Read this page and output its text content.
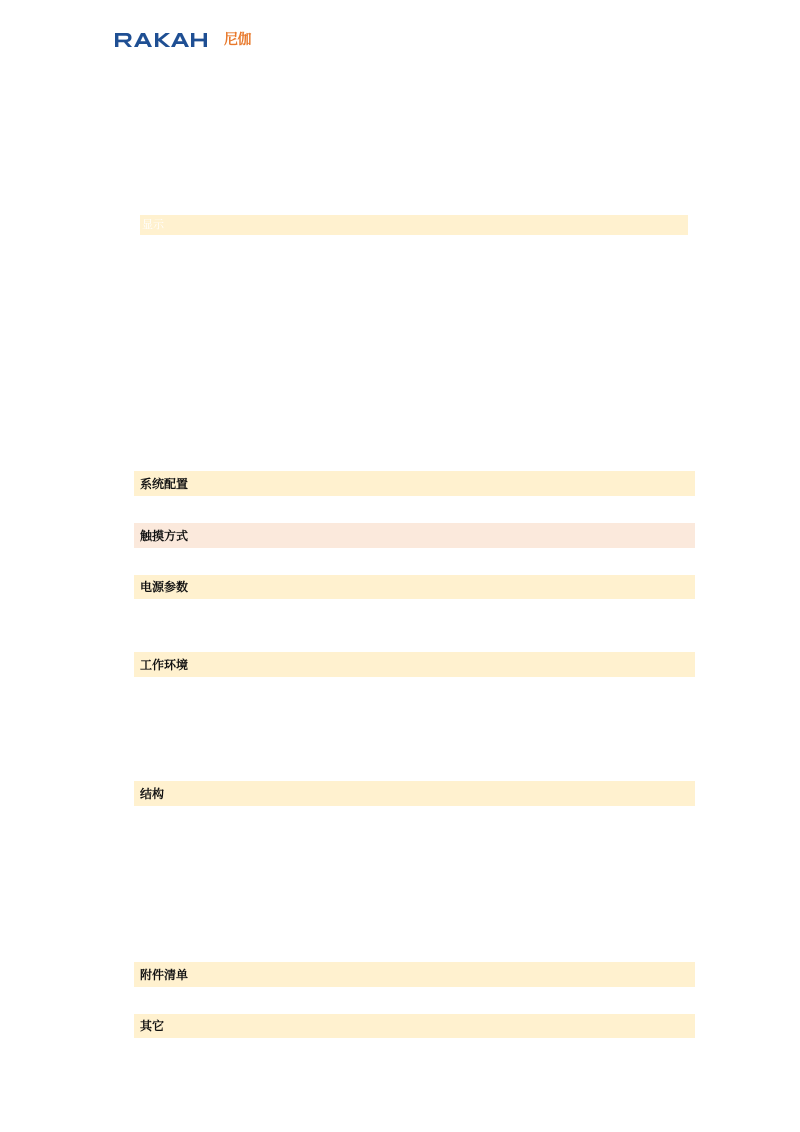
尼伽
显示
系统配置
触摸方式
电源参数
工作环境
结构
附件清单
其它
